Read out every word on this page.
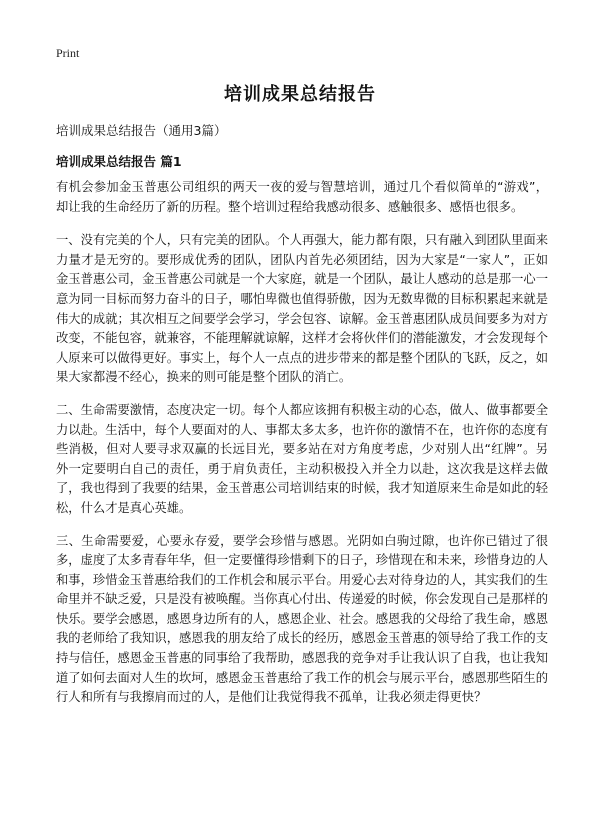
Print
培训成果总结报告
培训成果总结报告（通用3篇）
培训成果总结报告 篇1

有机会参加金玉普惠公司组织的两天一夜的爱与智慧培训，通过几个看似简单的“游戏”，却让我的生命经历了新的历程。整个培训过程给我感动很多、感触很多、感悟也很多。

一、没有完美的个人，只有完美的团队。个人再强大，能力都有限，只有融入到团队里面来力量才是无穷的。要形成优秀的团队，团队内首先必须团结，因为大家是“一家人”，正如金玉普惠公司，金玉普惠公司就是一个大家庭，就是一个团队，最让人感动的总是那一心一意为同一目标而努力奋斗的日子，哪怕卑微也值得骄傲，因为无数卑微的目标积累起来就是伟大的成就；其次相互之间要学会学习，学会包容、谅解。金玉普惠团队成员间要多为对方改变，不能包容，就兼容，不能理解就谅解，这样才会将伙伴们的潜能激发，才会发现每个人原来可以做得更好。事实上，每个人一点点的进步带来的都是整个团队的飞跃，反之，如果大家都漫不经心，换来的则可能是整个团队的消亡。

二、生命需要激情，态度决定一切。每个人都应该拥有积极主动的心态，做人、做事都要全力以赴。生活中，每个人要面对的人、事都太多太多，也许你的激情不在，也许你的态度有些消极，但对人要寻求双赢的长远目光，要多站在对方角度考虑，少对别人出“红牌”。另外一定要明白自己的责任，勇于肩负责任，主动积极投入并全力以赴，这次我是这样去做了，我也得到了我要的结果，金玉普惠公司培训结束的时候，我才知道原来生命是如此的轻松，什么才是真心英雄。

三、生命需要爱，心要永存爱，要学会珍惜与感恩。光阴如白驹过隙，也许你已错过了很多，虚度了太多青春年华，但一定要懂得珍惜剩下的日子，珍惜现在和未来，珍惜身边的人和事，珍惜金玉普惠给我们的工作机会和展示平台。用爱心去对待身边的人，其实我们的生命里并不缺乏爱，只是没有被唤醒。当你真心付出、传递爱的时候，你会发现自己是那样的快乐。要学会感恩，感恩身边所有的人，感恩企业、社会。感恩我的父母给了我生命，感恩我的老师给了我知识，感恩我的朋友给了成长的经历，感恩金玉普惠的领导给了我工作的支持与信任，感恩金玉普惠的同事给了我帮助，感恩我的竞争对手让我认识了自我，也让我知道了如何去面对人生的坎坷，感恩金玉普惠给了我工作的机会与展示平台，感恩那些陌生的行人和所有与我擦肩而过的人，是他们让我觉得我不孤单，让我必须走得更快？
